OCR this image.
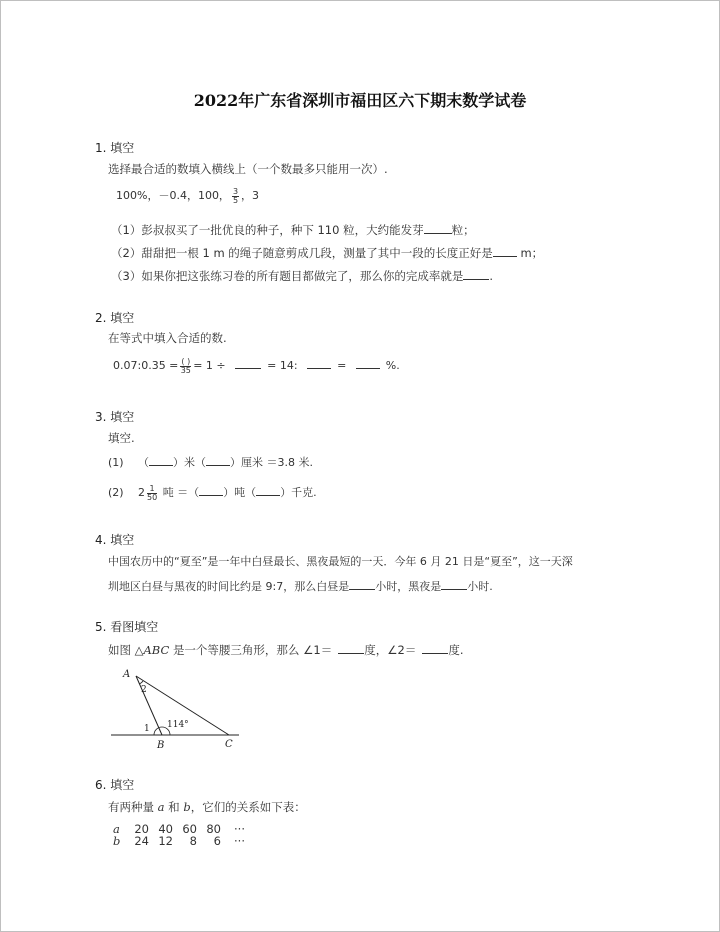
2022年广东省深圳市福田区六下期末数学试卷
1. 填空
选择最合适的数填入横线上（一个数最多只能用一次）.
100%，－0.4，100， $\frac{3}{5}$ ，3
（1）彭叔叔买了一批优良的种子，种下 110 粒，大约能发芽 粒；
（2）甜甜把一根 1 m 的绳子随意剪成几段，测量了其中一段的长度正好是 m；
（3）如果你把这张练习卷的所有题目都做完了，那么你的完成率就是 .
2. 填空
在等式中填入合适的数.
0.07:0.35 = $\frac{( )}{35} = 1$ ÷	= 14:	=	%.
3. 填空
填空.
(1) （ ）米（ ）厘米 ＝3.8 米.
(2) $2 \frac{1}{50}$ 吨 ＝（ ）吨（ ）千克.
4. 填空
中国农历中的“夏至”是一年中白昼最长、黑夜最短的一天．今年 6 月 21 日是“夏至”，这一天深
圳地区白昼与黑夜的时间比约是 9:7，那么白昼是 小时，黑夜是 小时.
5. 看图填空
如图 △ABC 是一个等腰三角形，那么 ∠1＝	度，∠2＝	度.
A
B	C
1
2
114°
6. 填空
有两种量 a 和 b，它们的关系如下表：
a	20	40	60	80	···
b	24	12	8	6	···
